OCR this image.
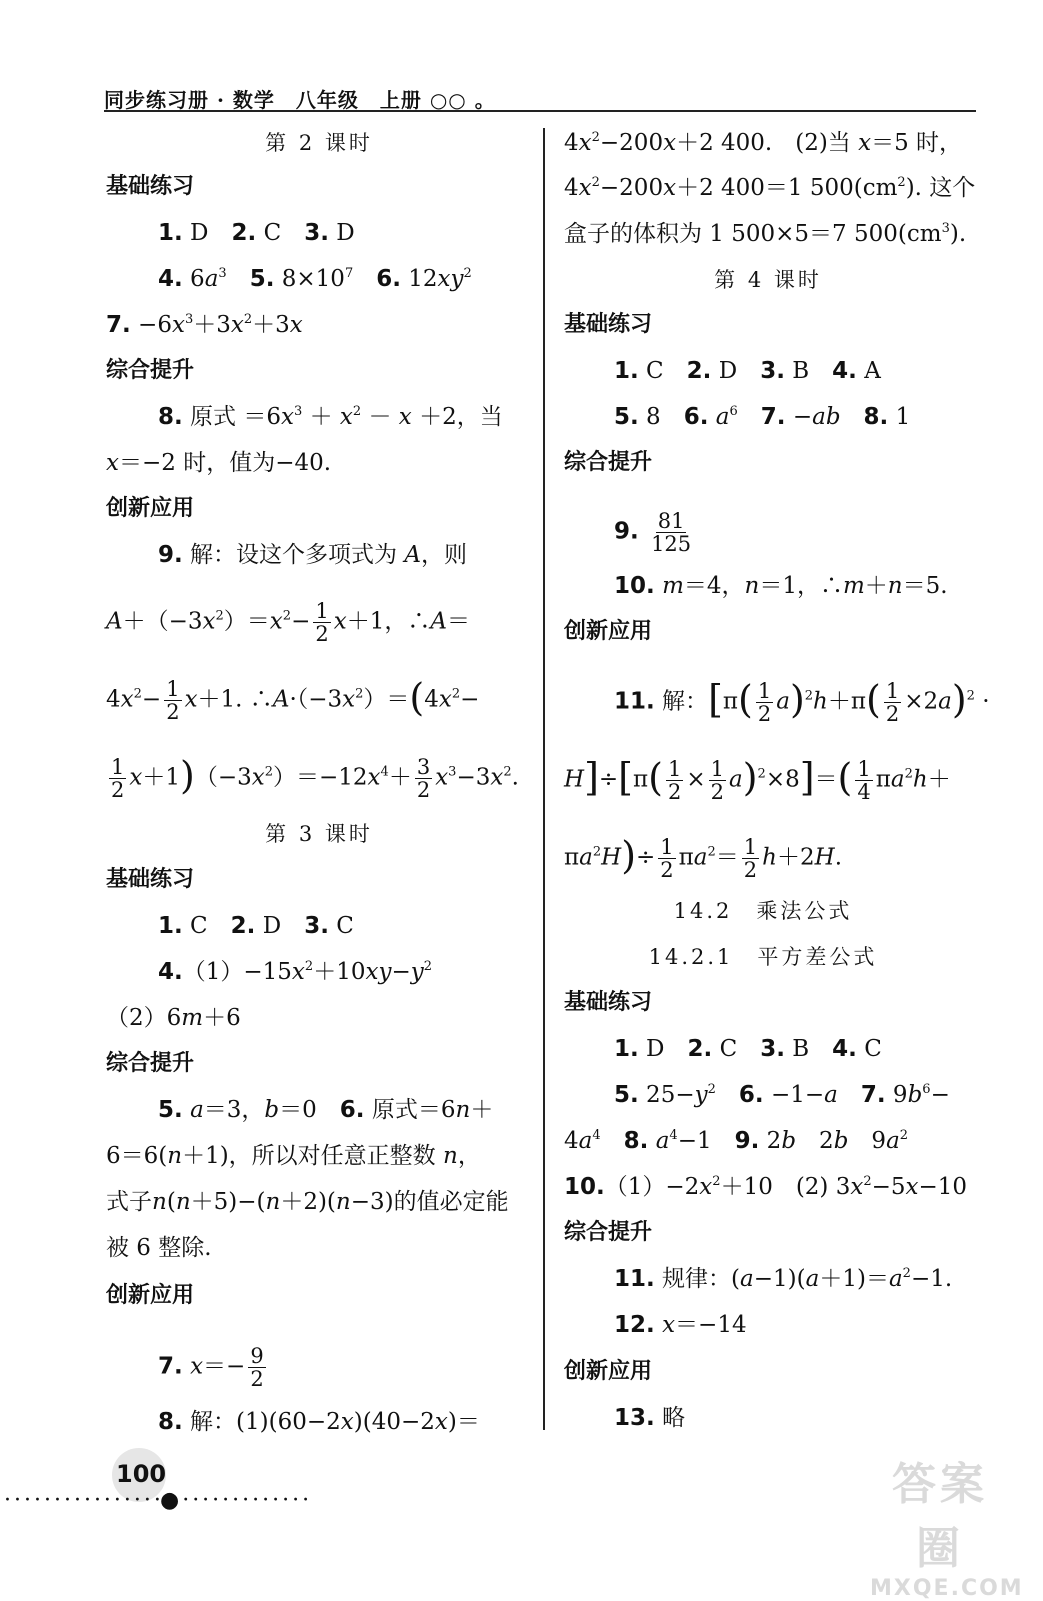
同步练习册 · 数学　八年级　上册 ○○ 。
第 2 课时
基础练习
1. D　2. C　3. D
4. $6a^3$　 5. $8\times 10^7$　 6. $12xy^2$
7. $-6x^3+3x^2+3x$
综合提升
8. 原式 $=6x^3 + x^2 - x +2$，当
x＝−2 时，值为−40.
创新应用
9. 解：设这个多项式为 A，则
$A+(-3x^2)=x^2- \frac{1}{2} x+1$，∴A＝
$4x^2- \frac{1}{2} x+1$. $\therefore A\cdot(-3x^2)=(4x^2-$
$\frac{1}{2} x+1)(-3x^2)=-12x^4+ \frac{3}{2} x^3-3x^2$.
第 3 课时
基础练习
1. C　2. D　3. C
$4.(1)-15x^2+10xy-y^2$
（2）6m＋6
综合提升
5. a＝3，b＝0　6. 原式＝6n＋
6＝6(n＋1)，所以对任意正整数 n，
式子n(n＋5)−(n＋2)(n−3)的值必定能
被 6 整除.
创新应用
7. $x=- \frac{9}{2}$
8. 解：(1)(60−2x)(40−2x)＝
$4x^2-200x+2$ 400.　(2)当 x＝5 时，
$4x^2-200x+2$ 400＝1 $500(cm^2)$. 这个
盒子的体积为 1 500×5＝7 $500(cm^3)$.
第 4 课时
基础练习
1. C　2. D　3. B　4. A
5. 8　6. $a^6$　 7. −ab　 8. 1
综合提升
9. $\frac{81}{125}$
10. m＝4，n＝1，∴m＋n＝5.
创新应用
11. 解：[$\pi( \frac{1}{2} a)^2h+\pi( \frac{1}{2} \times 2a)^2$ ·
$H]\div[\pi( \frac{1}{2} \times \frac{1}{2} a)^2\times 8]=( \frac{1}{4} \pi a^2h+$
$\pi a^2H)\div \frac{1}{2} \pi a^2= \frac{1}{2} h+2H$.
14.2　乘法公式
14.2.1　平方差公式
基础练习
1. D　2. C　3. B　4. C
5. $25-y^2$　 6. −1−a　 7. $9b^6-$
$4a^4$　 8. $a^4-1$　9. 2b　2b　$9a^2$
$10.(1)-2x^2+10$　(2) $3x^2-5x-10$
综合提升
11. 规律：$(a-1)(a+1)=a^2-1$.
12. x＝−14
创新应用
13. 略
100
·················
●·············	答案圈
MXQE.COM
